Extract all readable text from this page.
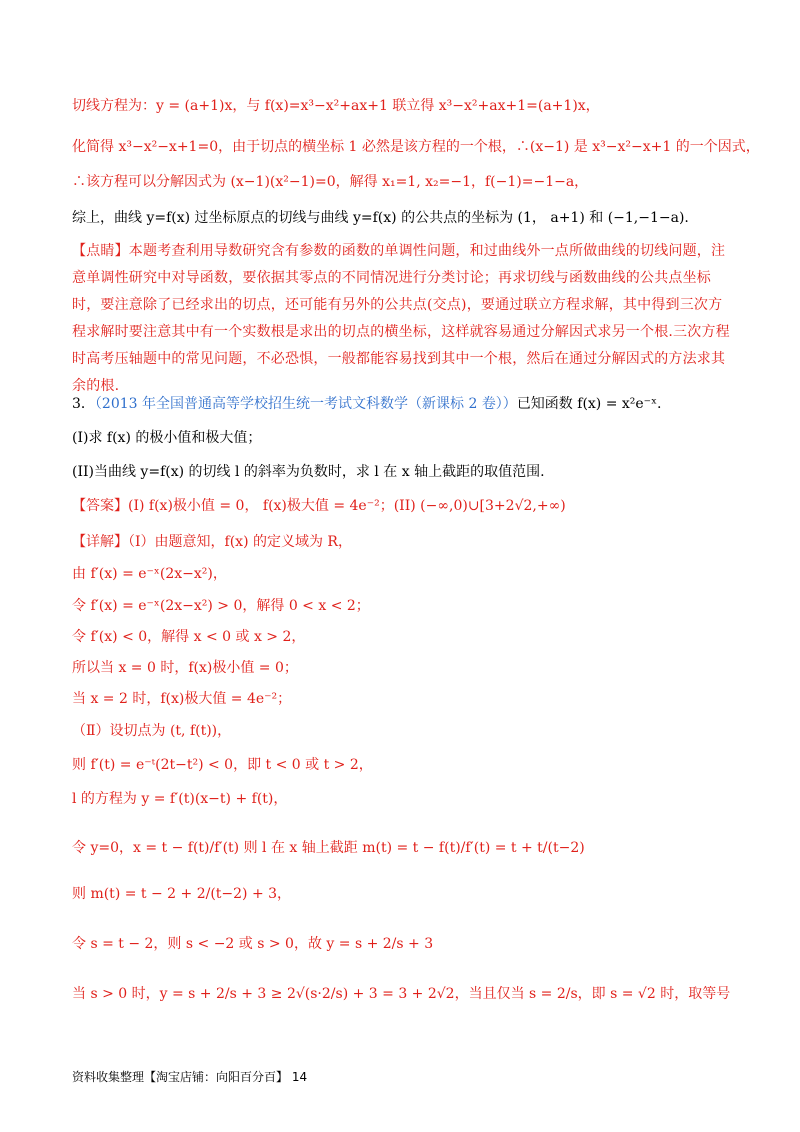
切线方程为：y = (a+1)x，与 f(x)=x³−x²+ax+1 联立得 x³−x²+ax+1=(a+1)x，
化简得 x³−x²−x+1=0，由于切点的横坐标 1 必然是该方程的一个根，∴(x−1) 是 x³−x²−x+1 的一个因式，
∴该方程可以分解因式为 (x−1)(x²−1)=0，解得 x₁=1, x₂=−1，f(−1)=−1−a，
综上，曲线 y=f(x) 过坐标原点的切线与曲线 y=f(x) 的公共点的坐标为 (1， a+1) 和 (−1,−1−a).
【点睛】本题考查利用导数研究含有参数的函数的单调性问题，和过曲线外一点所做曲线的切线问题，注意单调性研究中对导函数，要依据其零点的不同情况进行分类讨论；再求切线与函数曲线的公共点坐标时，要注意除了已经求出的切点，还可能有另外的公共点(交点)，要通过联立方程求解，其中得到三次方程求解时要注意其中有一个实数根是求出的切点的横坐标，这样就容易通过分解因式求另一个根.三次方程时高考压轴题中的常见问题，不必恐惧，一般都能容易找到其中一个根，然后在通过分解因式的方法求其余的根.
3．（2013 年全国普通高等学校招生统一考试文科数学（新课标 2 卷））已知函数 f(x) = x²e⁻ˣ.
(I)求 f(x) 的极小值和极大值；
(II)当曲线 y=f(x) 的切线 l 的斜率为负数时，求 l 在 x 轴上截距的取值范围.
【答案】(I) f(x)极小值 = 0， f(x)极大值 = 4e⁻²；(II) (−∞,0)∪[3+2√2,+∞)
【详解】（Ⅰ）由题意知，f(x) 的定义域为 R，
由 f′(x) = e⁻ˣ(2x−x²)，
令 f′(x) = e⁻ˣ(2x−x²) > 0，解得 0 < x < 2；
令 f′(x) < 0，解得 x < 0 或 x > 2，
所以当 x = 0 时，f(x)极小值 = 0；
当 x = 2 时，f(x)极大值 = 4e⁻²；
（Ⅱ）设切点为 (t, f(t))，
则 f′(t) = e⁻ᵗ(2t−t²) < 0，即 t < 0 或 t > 2，
l 的方程为 y = f′(t)(x−t) + f(t)，
令 y=0，x = t − f(t)/f′(t) 则 l 在 x 轴上截距 m(t) = t − f(t)/f′(t) = t + t/(t−2)
则 m(t) = t − 2 + 2/(t−2) + 3，
令 s = t − 2，则 s < −2 或 s > 0，故 y = s + 2/s + 3
当 s > 0 时，y = s + 2/s + 3 ≥ 2√(s·2/s) + 3 = 3 + 2√2，当且仅当 s = 2/s，即 s = √2 时，取等号
资料收集整理【淘宝店铺：向阳百分百】 14
